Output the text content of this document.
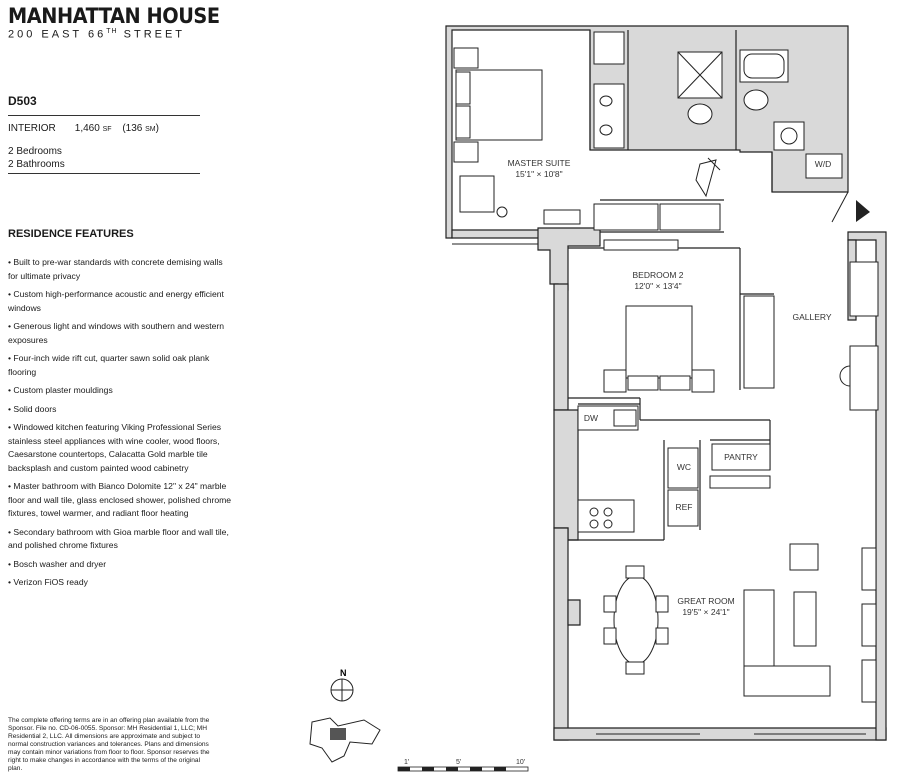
MANHATTAN HOUSE
200 EAST 66TH STREET
D503
INTERIOR 1,460 SF (136 SM)
2 Bedrooms
2 Bathrooms
RESIDENCE FEATURES
• Built to pre-war standards with concrete demising walls for ultimate privacy
• Custom high-performance acoustic and energy efficient windows
• Generous light and windows with southern and western exposures
• Four-inch wide rift cut, quarter sawn solid oak plank flooring
• Custom plaster mouldings
• Solid doors
• Windowed kitchen featuring Viking Professional Series stainless steel appliances with wine cooler, wood floors, Caesarstone countertops, Calacatta Gold marble tile backsplash and custom painted wood cabinetry
• Master bathroom with Bianco Dolomite 12" x 24" marble floor and wall tile, glass enclosed shower, polished chrome fixtures, towel warmer, and radiant floor heating
• Secondary bathroom with Gioa marble floor and wall tile, and polished chrome fixtures
• Bosch washer and dryer
• Verizon FiOS ready
The complete offering terms are in an offering plan available from the Sponsor. File no. CD-06-0055. Sponsor: MH Residential 1, LLC; MH Residential 2, LLC. All dimensions are approximate and subject to normal construction variances and tolerances. Plans and dimensions may contain minor variations from floor to floor. Sponsor reserves the right to make changes in accordance with the terms of the original plan.
MASTER SUITE
15'1" × 10'8"
BEDROOM 2
12'0" × 13'4"
GALLERY
GREAT ROOM
19'5" × 24'1"
W/D
DW
PANTRY
WC
REF
N
1'	5'	10'
